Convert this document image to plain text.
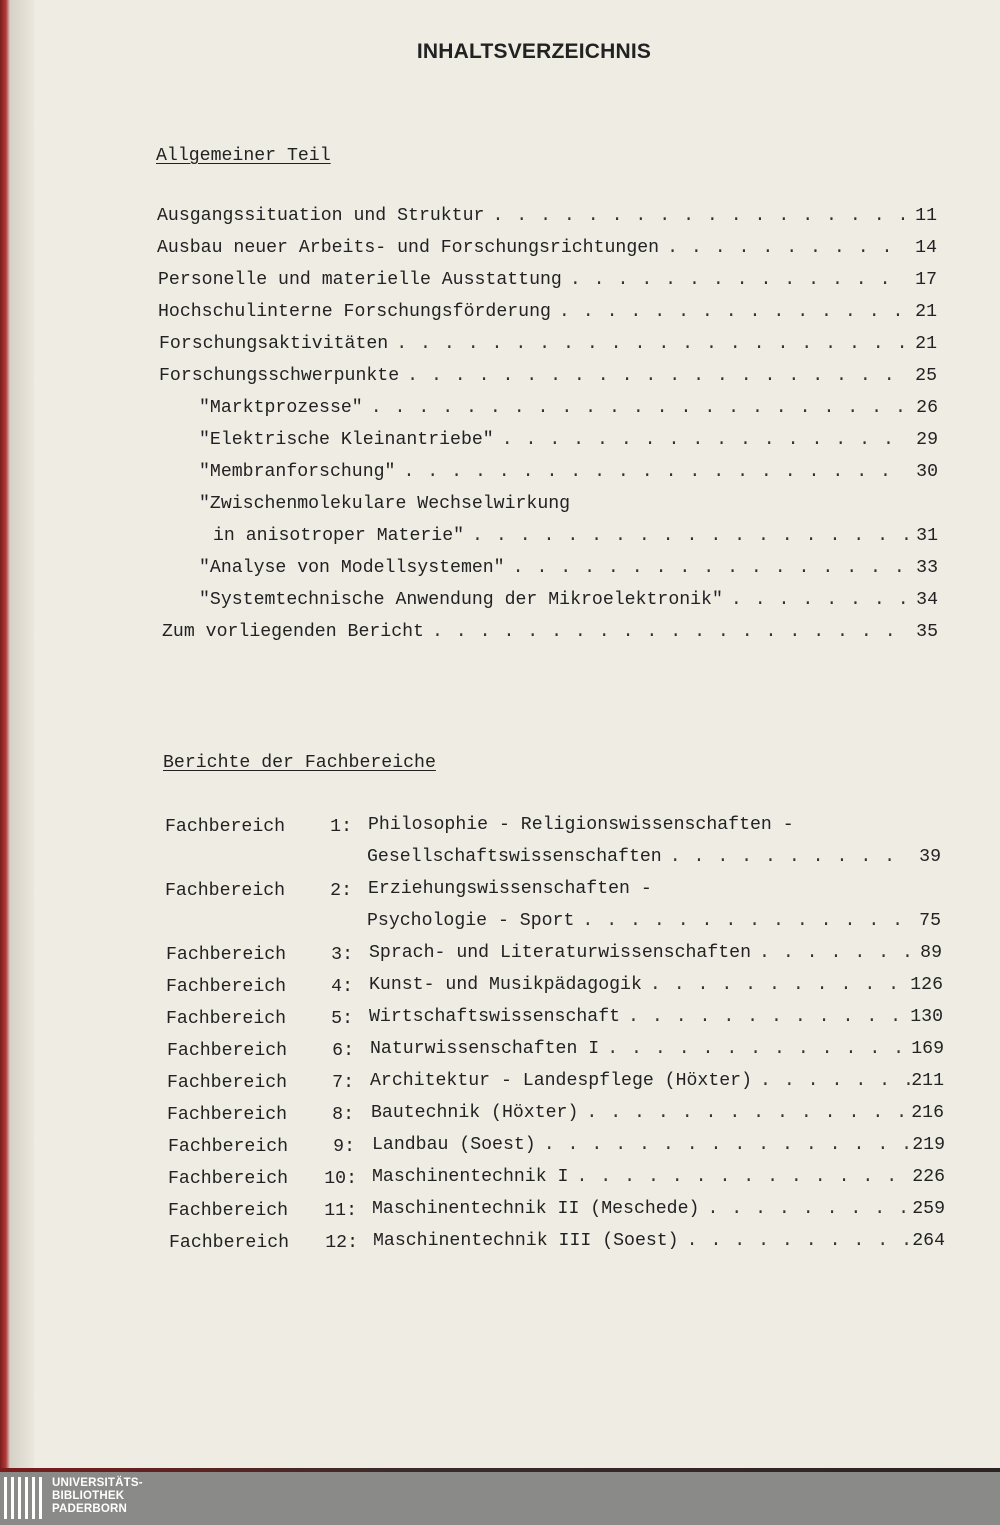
INHALTSVERZEICHNIS
Allgemeiner Teil
Ausgangssituation und Struktur . . .	11
Ausbau neuer Arbeits- und Forschungsrichtungen . . .	14
Personelle und materielle Ausstattung . . .	17
Hochschulinterne Forschungsförderung . . .	21
Forschungsaktivitäten . . .	21
Forschungsschwerpunkte . . .	25
"Marktprozesse" . . .	26
"Elektrische Kleinantriebe" . . .	29
"Membranforschung" . . .	30
"Zwischenmolekulare Wechselwirkung
in anisotroper Materie" . . .	31
"Analyse von Modellsystemen" . . .	33
"Systemtechnische Anwendung der Mikroelektronik" . . .	34
Zum vorliegenden Bericht . . .	35
Berichte der Fachbereiche
Fachbereich	1: Philosophie - Religionswissenschaften -
Gesellschaftswissenschaften . . .	39
Fachbereich	2: Erziehungswissenschaften -
Psychologie - Sport . . .	75
Fachbereich	3: Sprach- und Literaturwissenschaften . . .	89
Fachbereich	4: Kunst- und Musikpädagogik . . .	126
Fachbereich	5: Wirtschaftswissenschaft . . .	130
Fachbereich	6: Naturwissenschaften I . . .	169
Fachbereich	7: Architektur - Landespflege (Höxter) . . .	211
Fachbereich	8: Bautechnik (Höxter) . . .	216
Fachbereich	9: Landbau (Soest) . . .	219
Fachbereich	10: Maschinentechnik I . . .	226
Fachbereich	11: Maschinentechnik II (Meschede) . . .	259
Fachbereich	12: Maschinentechnik III (Soest) . . .	264
UNIVERSITÄTS-
BIBLIOTHEK
PADERBORN
